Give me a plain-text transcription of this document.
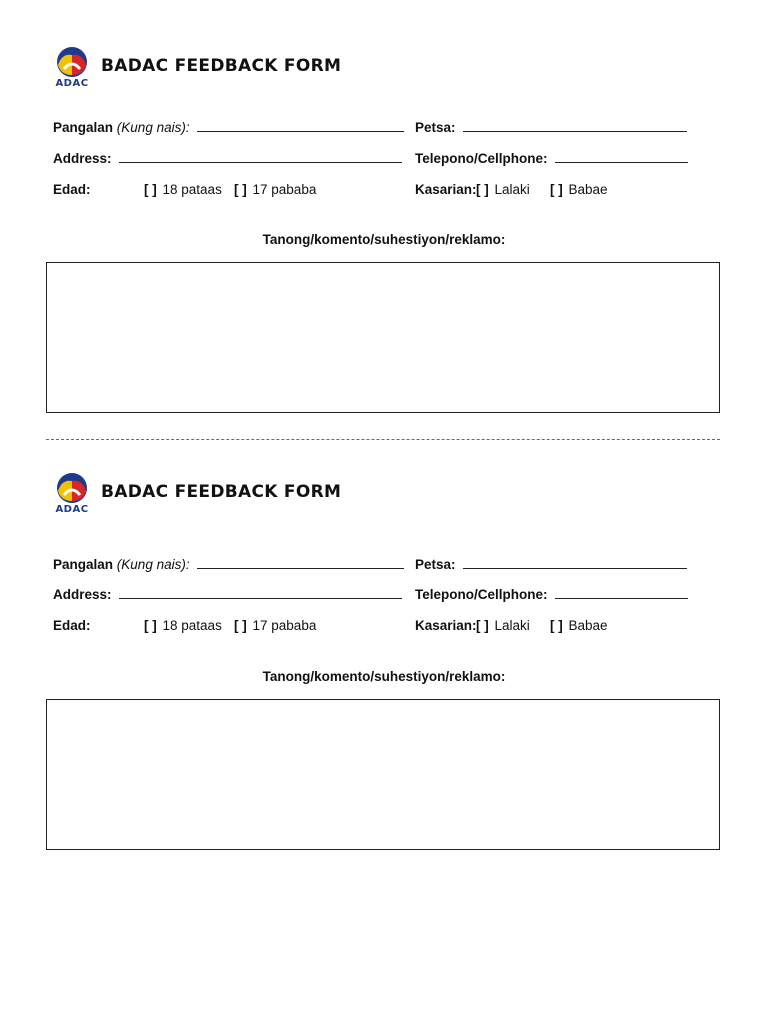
ADAC
BADAC FEEDBACK FORM
Pangalan (Kung nais):	Petsa:
Address:	Telepono/Cellphone:
Edad:	[ ] 18 pataas [ ] 17 pababa	Kasarian: [ ] Lalaki [ ] Babae
Tanong/komento/suhestiyon/reklamo:
ADAC
BADAC FEEDBACK FORM
Pangalan (Kung nais):	Petsa:
Address:	Telepono/Cellphone:
Edad:	[ ] 18 pataas [ ] 17 pababa	Kasarian: [ ] Lalaki [ ] Babae
Tanong/komento/suhestiyon/reklamo:
